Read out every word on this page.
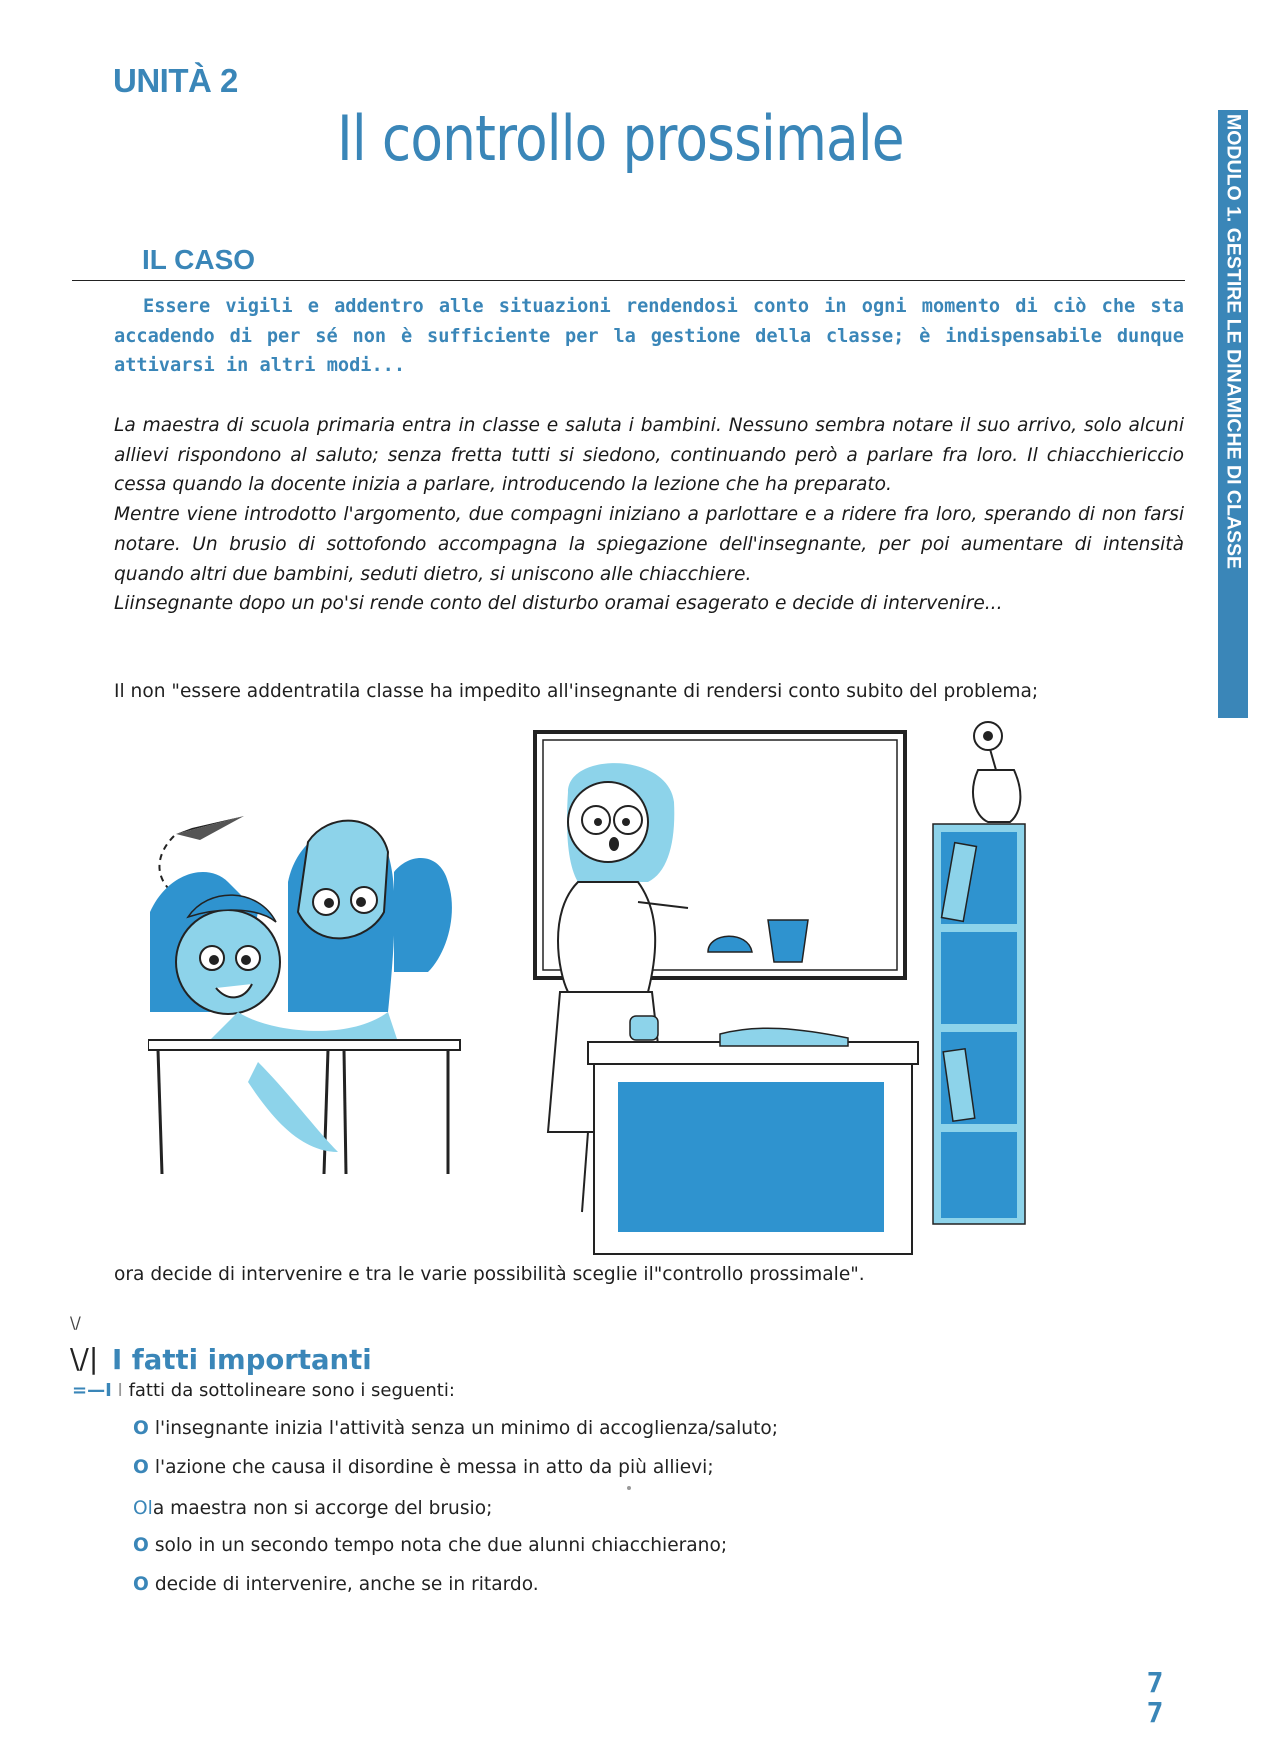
UNITÀ 2
Il controllo prossimale	MODULO 1. GESTIRE LE DINAMICHE DI CLASSE
IL CASO
Essere vigili e addentro alle situazioni rendendosi conto in ogni momento di ciò che sta accadendo di per sé non è sufficiente per la gestione della classe; è indispensabile dunque attivarsi in altri modi...

La maestra di scuola primaria entra in classe e saluta i bambini. Nessuno sembra notare il suo arrivo, solo alcuni allievi rispondono al saluto; senza fretta tutti si siedono, continuando però a parlare fra loro. Il chiacchiericcio cessa quando la docente inizia a parlare, introducendo la lezione che ha preparato.

Mentre viene introdotto l'argomento, due compagni iniziano a parlottare e a ridere fra loro, sperando di non farsi notare. Un brusio di sottofondo accompagna la spiegazione dell'insegnante, per poi aumentare di intensità quando altri due bambini, seduti dietro, si uniscono alle chiacchiere.

Liinsegnante dopo un po'si rende conto del disturbo oramai esagerato e decide di intervenire...

Il non "essere addentratila classe ha impedito all'insegnante di rendersi conto subito del problema;
ora decide di intervenire e tra le varie possibilità sceglie il"controllo prossimale".
\/
\/| I fatti importanti
=—I I fatti da sottolineare sono i seguenti:
O l'insegnante inizia l'attività senza un minimo di accoglienza/saluto;
O l'azione che causa il disordine è messa in atto da più allievi;
Ola maestra non si accorge del brusio;
O solo in un secondo tempo nota che due alunni chiacchierano;
O decide di intervenire, anche se in ritardo.
7
7
